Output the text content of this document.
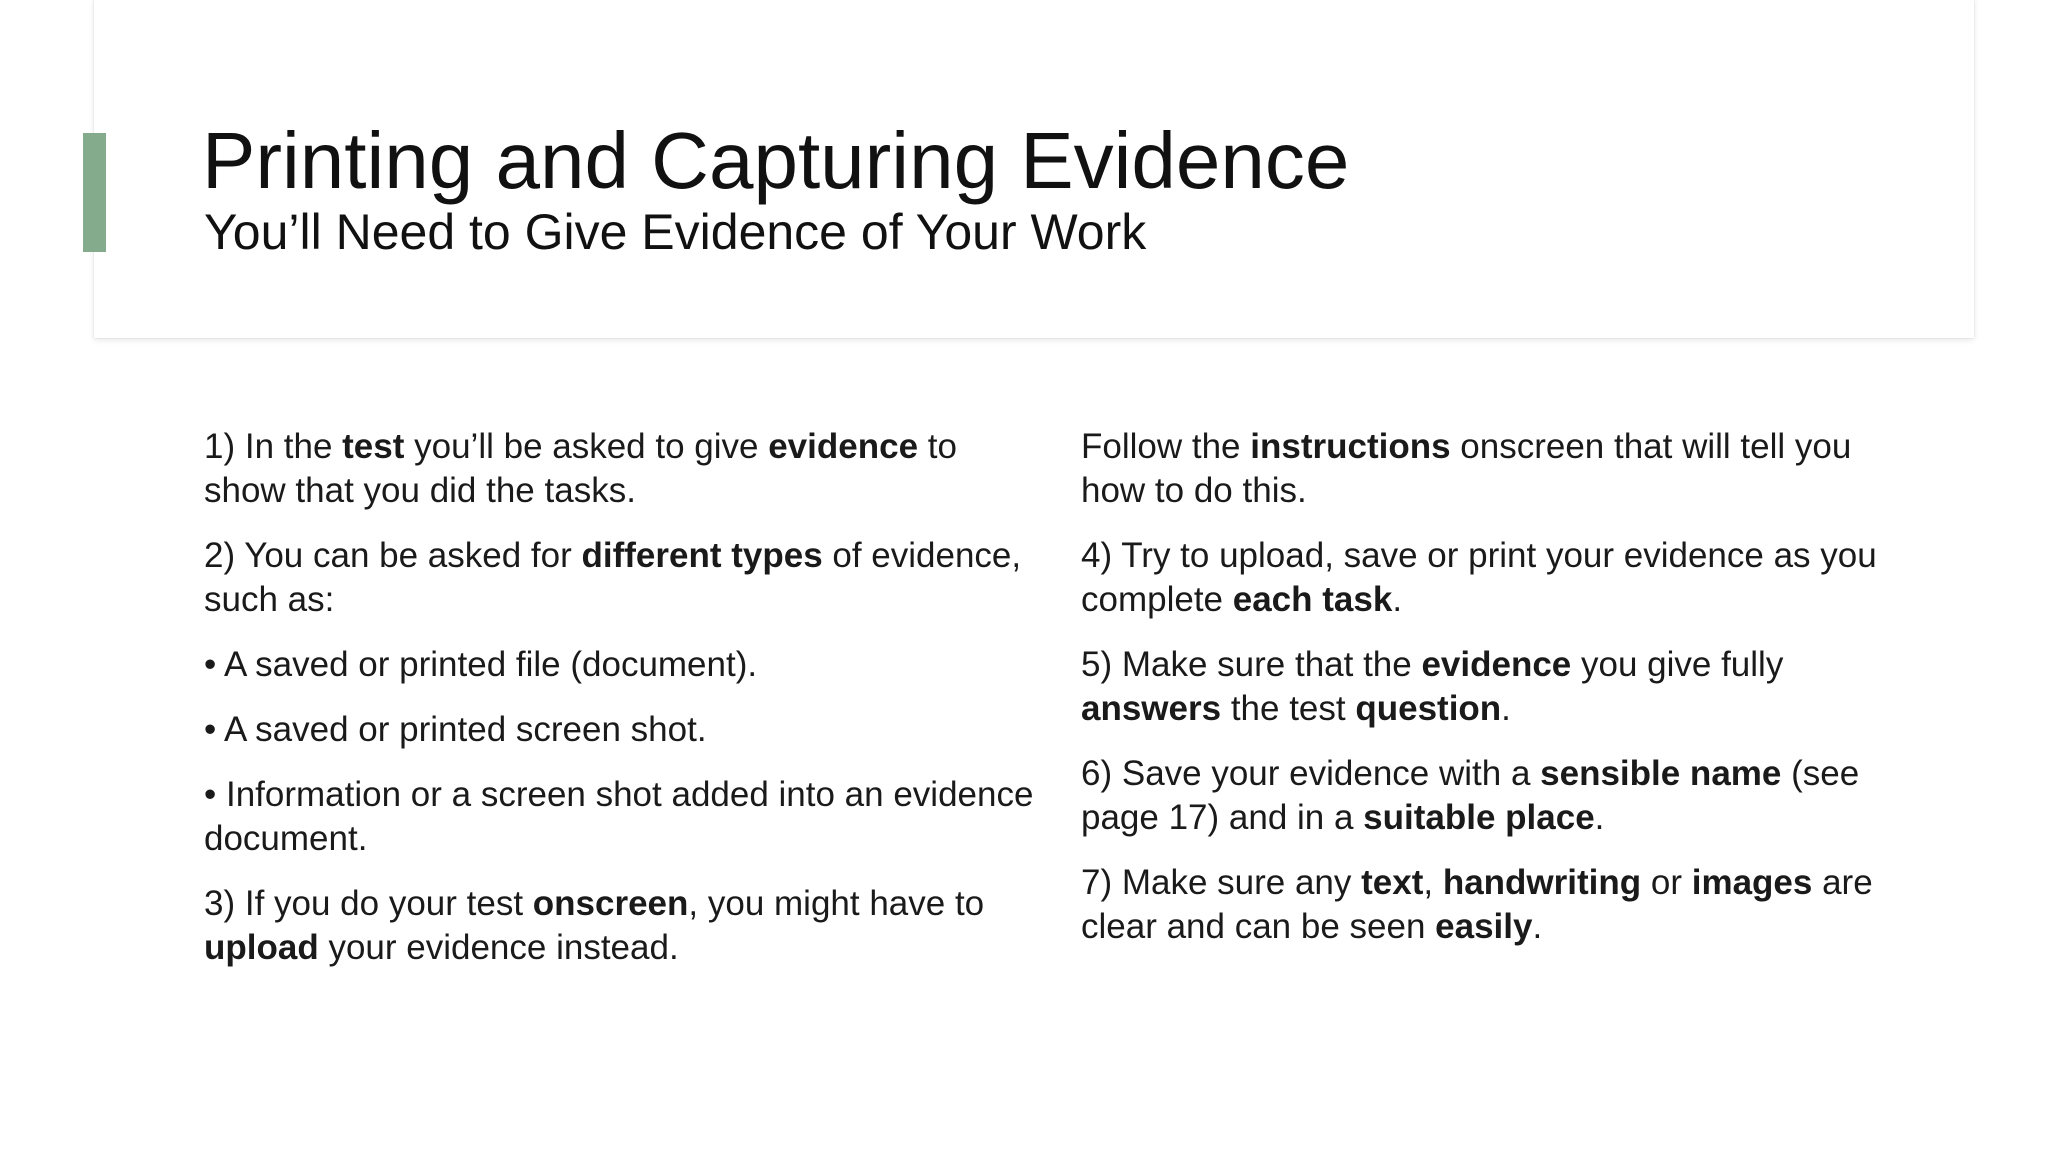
Printing and Capturing Evidence
You’ll Need to Give Evidence of Your Work

1) In the test you’ll be asked to give evidence to
show that you did the tasks.

2) You can be asked for different types of evidence,
such as:

• A saved or printed file (document).

• A saved or printed screen shot.

• Information or a screen shot added into an evidence
document.

3) If you do your test onscreen, you might have to
upload your evidence instead.

Follow the instructions onscreen that will tell you
how to do this.

4) Try to upload, save or print your evidence as you
complete each task.

5) Make sure that the evidence you give fully
answers the test question.

6) Save your evidence with a sensible name (see
page 17) and in a suitable place.

7) Make sure any text, handwriting or images are
clear and can be seen easily.
